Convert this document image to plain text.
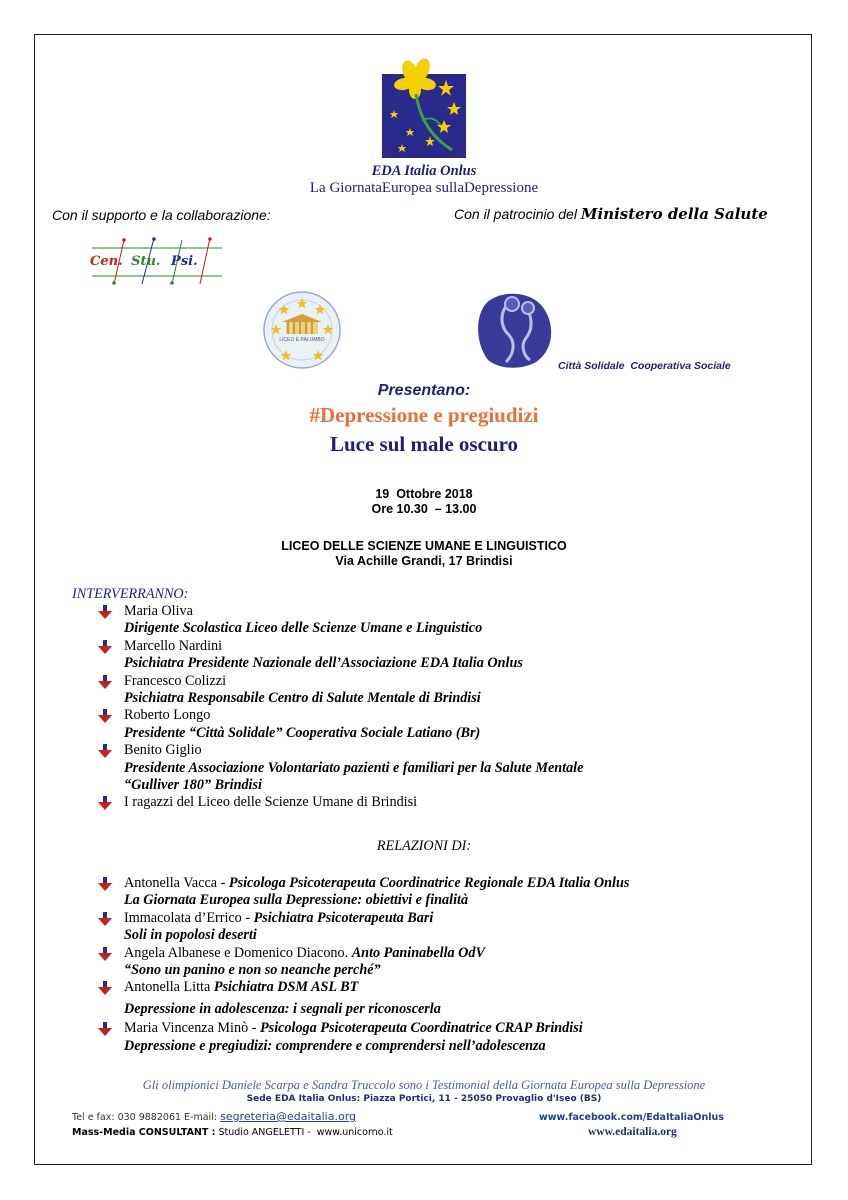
EDA Italia Onlus
La GiornataEuropea sullaDepressione
Con il supporto e la collaborazione:	Con il patrocinio del Ministero della Salute
Cen. Stu. Psi.
LICEO E.PALUMBO
Città Solidale  Cooperativa Sociale
Presentano:
#Depressione e pregiudizi
Luce sul male oscuro
19  Ottobre 2018
Ore 10.30  – 13.00
LICEO DELLE SCIENZE UMANE E LINGUISTICO
Via Achille Grandi, 17 Brindisi
INTERVERRANNO:
Maria Oliva
Dirigente Scolastica Liceo delle Scienze Umane e Linguistico
Marcello Nardini
Psichiatra Presidente Nazionale dell’Associazione EDA Italia Onlus
Francesco Colizzi
Psichiatra Responsabile Centro di Salute Mentale di Brindisi
Roberto Longo
Presidente “Città Solidale” Cooperativa Sociale Latiano (Br)
Benito Giglio
Presidente Associazione Volontariato pazienti e familiari per la Salute Mentale
“Gulliver 180” Brindisi
I ragazzi del Liceo delle Scienze Umane di Brindisi
RELAZIONI DI:
Antonella Vacca - Psicologa Psicoterapeuta Coordinatrice Regionale EDA Italia Onlus
La Giornata Europea sulla Depressione: obiettivi e finalità
Immacolata d’Errico - Psichiatra Psicoterapeuta Bari
Soli in popolosi deserti
Angela Albanese e Domenico Diacono. Anto Paninabella OdV
“Sono un panino e non so neanche perché”
Antonella Litta Psichiatra DSM ASL BT
Depressione in adolescenza: i segnali per riconoscerla
Maria Vincenza Minò - Psicologa Psicoterapeuta Coordinatrice CRAP Brindisi
Depressione e pregiudizi: comprendere e comprendersi nell’adolescenza
Gli olimpionici Daniele Scarpa e Sandra Truccolo sono i Testimonial della Giornata Europea sulla Depressione
Sede EDA Italia Onlus: Piazza Portici, 11 - 25050 Provaglio d'Iseo (BS)
Tel e fax: 030 9882061 E-mail: segreteria@edaitalia.org	www.facebook.com/EdaItaliaOnlus
Mass-Media CONSULTANT : Studio ANGELETTI -  www.unicorno.it	www.edaitalia.org
